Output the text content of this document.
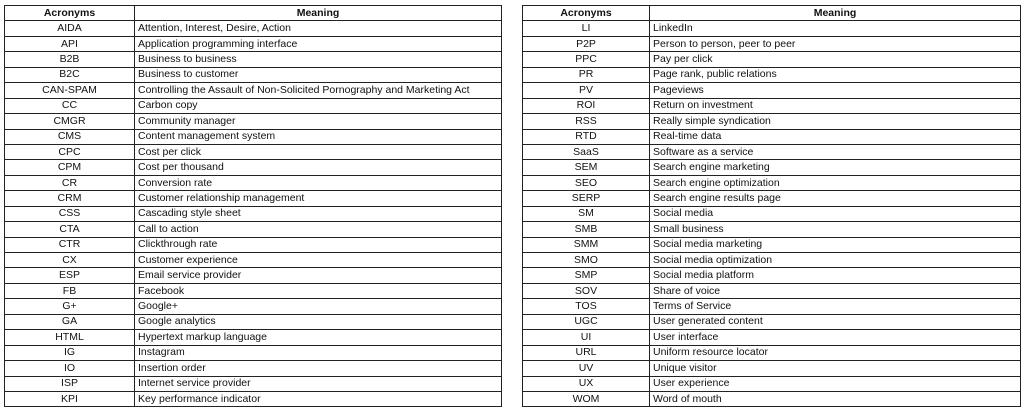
Acronyms	Meaning
AIDA	Attention, Interest, Desire, Action
API	Application programming interface
B2B	Business to business
B2C	Business to customer
CAN-SPAM	Controlling the Assault of Non-Solicited Pornography and Marketing Act
CC	Carbon copy
CMGR	Community manager
CMS	Content management system
CPC	Cost per click
CPM	Cost per thousand
CR	Conversion rate
CRM	Customer relationship management
CSS	Cascading style sheet
CTA	Call to action
CTR	Clickthrough rate
CX	Customer experience
ESP	Email service provider
FB	Facebook
G+	Google+
GA	Google analytics
HTML	Hypertext markup language
IG	Instagram
IO	Insertion order
ISP	Internet service provider
KPI	Key performance indicator
Acronyms	Meaning
LI	LinkedIn
P2P	Person to person, peer to peer
PPC	Pay per click
PR	Page rank, public relations
PV	Pageviews
ROI	Return on investment
RSS	Really simple syndication
RTD	Real-time data
SaaS	Software as a service
SEM	Search engine marketing
SEO	Search engine optimization
SERP	Search engine results page
SM	Social media
SMB	Small business
SMM	Social media marketing
SMO	Social media optimization
SMP	Social media platform
SOV	Share of voice
TOS	Terms of Service
UGC	User generated content
UI	User interface
URL	Uniform resource locator
UV	Unique visitor
UX	User experience
WOM	Word of mouth
